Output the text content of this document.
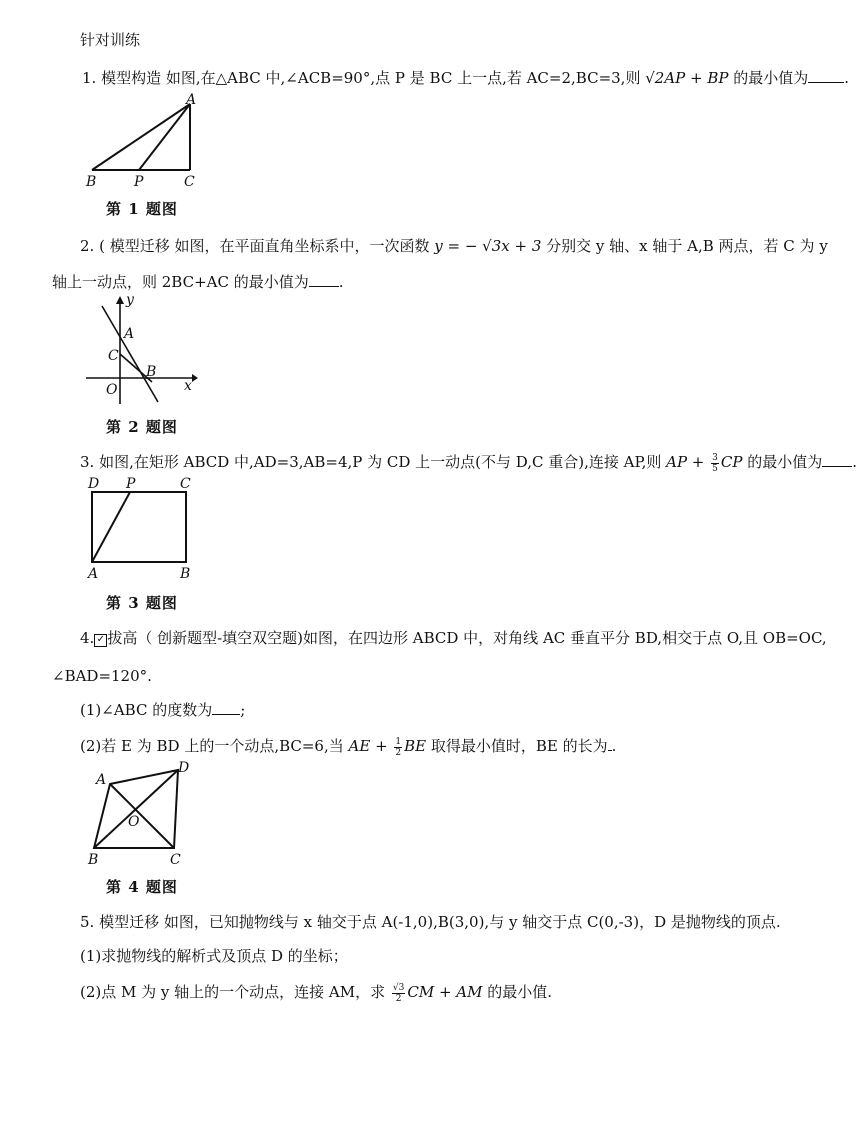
针对训练
1. 模型构造 如图,在△ABC 中,∠ACB=90°,点 P 是 BC 上一点,若 AC=2,BC=3,则 √2AP + BP 的最小值为 .
A
B	P	C
第 1 题图
2. ( 模型迁移 如图，在平面直角坐标系中，一次函数 y = − √3x + 3 分别交 y 轴、x 轴于 A,B 两点，若 C 为 y
轴上一动点，则 2BC+AC 的最小值为 .
y
A
C
O
B
x
第 2 题图
3. 如图,在矩形 ABCD 中,AD=3,AB=4,P 为 CD 上一动点(不与 D,C 重合),连接 AP,则 AP + $\frac{3}{5}$ CP 的最小值为 .
D P	C
A	B
第 3 题图
4. ✓ 拔高（ 创新题型-填空双空题)如图，在四边形 ABCD 中，对角线 AC 垂直平分 BD,相交于点 O,且 OB=OC,
∠BAD=120°.
(1)∠ABC 的度数为 ;
(2)若 E 为 BD 上的一个动点,BC=6,当 AE + $\frac{1}{2}$ BE 取得最小值时，BE 的长为 .
A
D
O
B	C
第 4 题图
5. 模型迁移 如图，已知抛物线与 x 轴交于点 A(-1,0),B(3,0),与 y 轴交于点 C(0,-3)，D 是抛物线的顶点.
(1)求抛物线的解析式及顶点 D 的坐标；
(2)点 M 为 y 轴上的一个动点，连接 AM，求 $\frac{√3}{2}$ CM + AM 的最小值.
